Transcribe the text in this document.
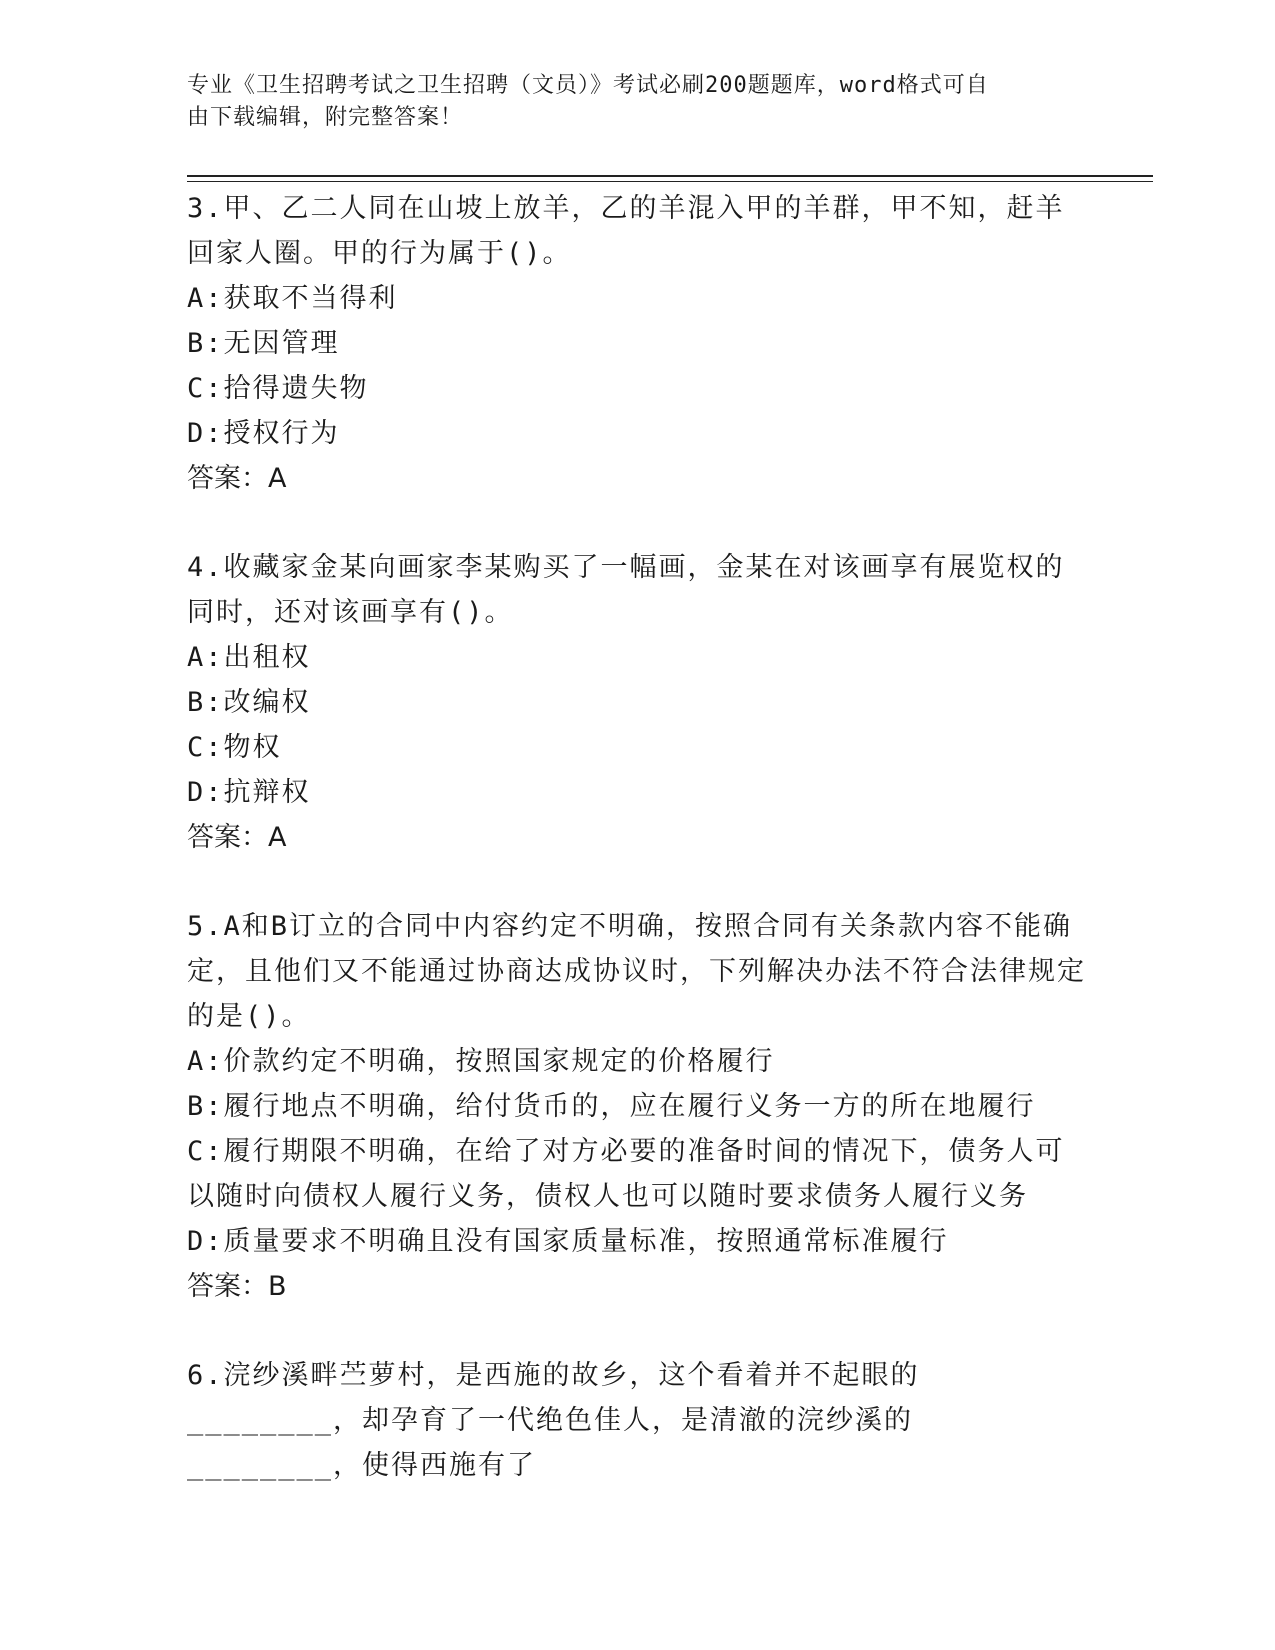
专业《卫生招聘考试之卫生招聘（文员）》考试必刷200题题库，word格式可自
由下载编辑，附完整答案！

3.甲、乙二人同在山坡上放羊，乙的羊混入甲的羊群，甲不知，赶羊回家人圈。甲的行为属于()。

A: 获取不当得利

B: 无因管理

C: 拾得遗失物

D: 授权行为

答案：A

4.收藏家金某向画家李某购买了一幅画，金某在对该画享有展览权的同时，还对该画享有()。

A: 出租权

B: 改编权

C: 物权

D: 抗辩权

答案：A

5.A和B订立的合同中内容约定不明确，按照合同有关条款内容不能确定，且他们又不能通过协商达成协议时，下列解决办法不符合法律规定的是()。

A: 价款约定不明确，按照国家规定的价格履行

B: 履行地点不明确，给付货币的，应在履行义务一方的所在地履行

C:履行期限不明确，在给了对方必要的准备时间的情况下，债务人可以随时向债权人履行义务，债权人也可以随时要求债务人履行义务

D: 质量要求不明确且没有国家质量标准，按照通常标准履行

答案：B

6.浣纱溪畔苎萝村，是西施的故乡，这个看着并不起眼的________，却孕育了一代绝色佳人，是清澈的浣纱溪的________，使得西施有了
